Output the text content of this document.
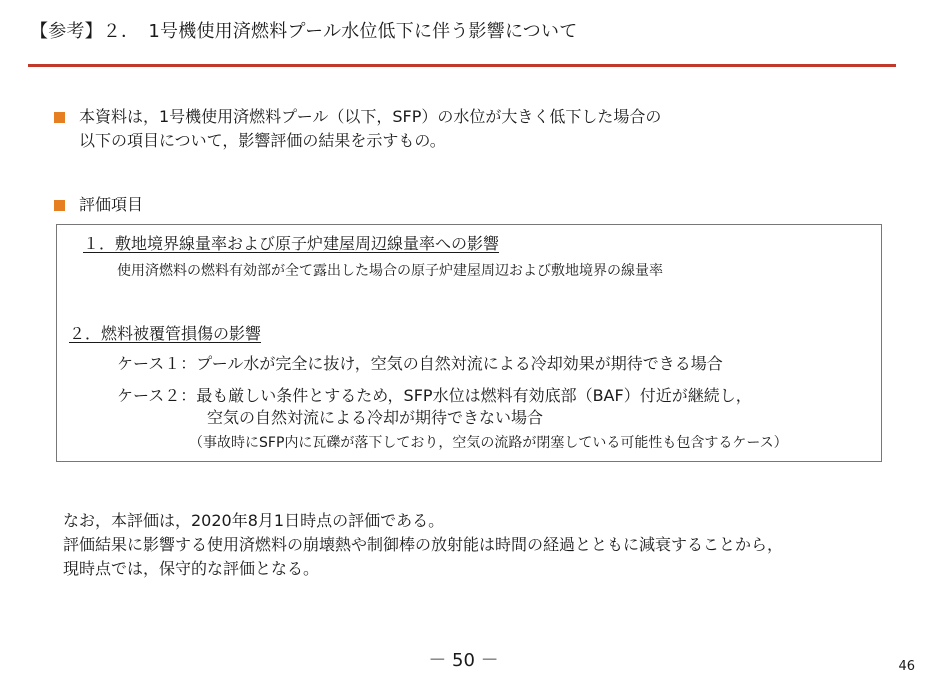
【参考】２．　1号機使用済燃料プール水位低下に伴う影響について
本資料は，1号機使用済燃料プール（以下，SFP）の水位が大きく低下した場合の
以下の項目について，影響評価の結果を示すもの。
評価項目
１．敷地境界線量率および原子炉建屋周辺線量率への影響
使用済燃料の燃料有効部が全て露出した場合の原子炉建屋周辺および敷地境界の線量率
２．燃料被覆管損傷の影響
ケース１：プール水が完全に抜け，空気の自然対流による冷却効果が期待できる場合
ケース２：最も厳しい条件とするため，SFP水位は燃料有効底部（BAF）付近が継続し，
空気の自然対流による冷却が期待できない場合
（事故時にSFP内に瓦礫が落下しており，空気の流路が閉塞している可能性も包含するケース）
なお，本評価は，2020年8月1日時点の評価である。
評価結果に影響する使用済燃料の崩壊熱や制御棒の放射能は時間の経過とともに減衰することから，
現時点では，保守的な評価となる。
－ 50 －	46
